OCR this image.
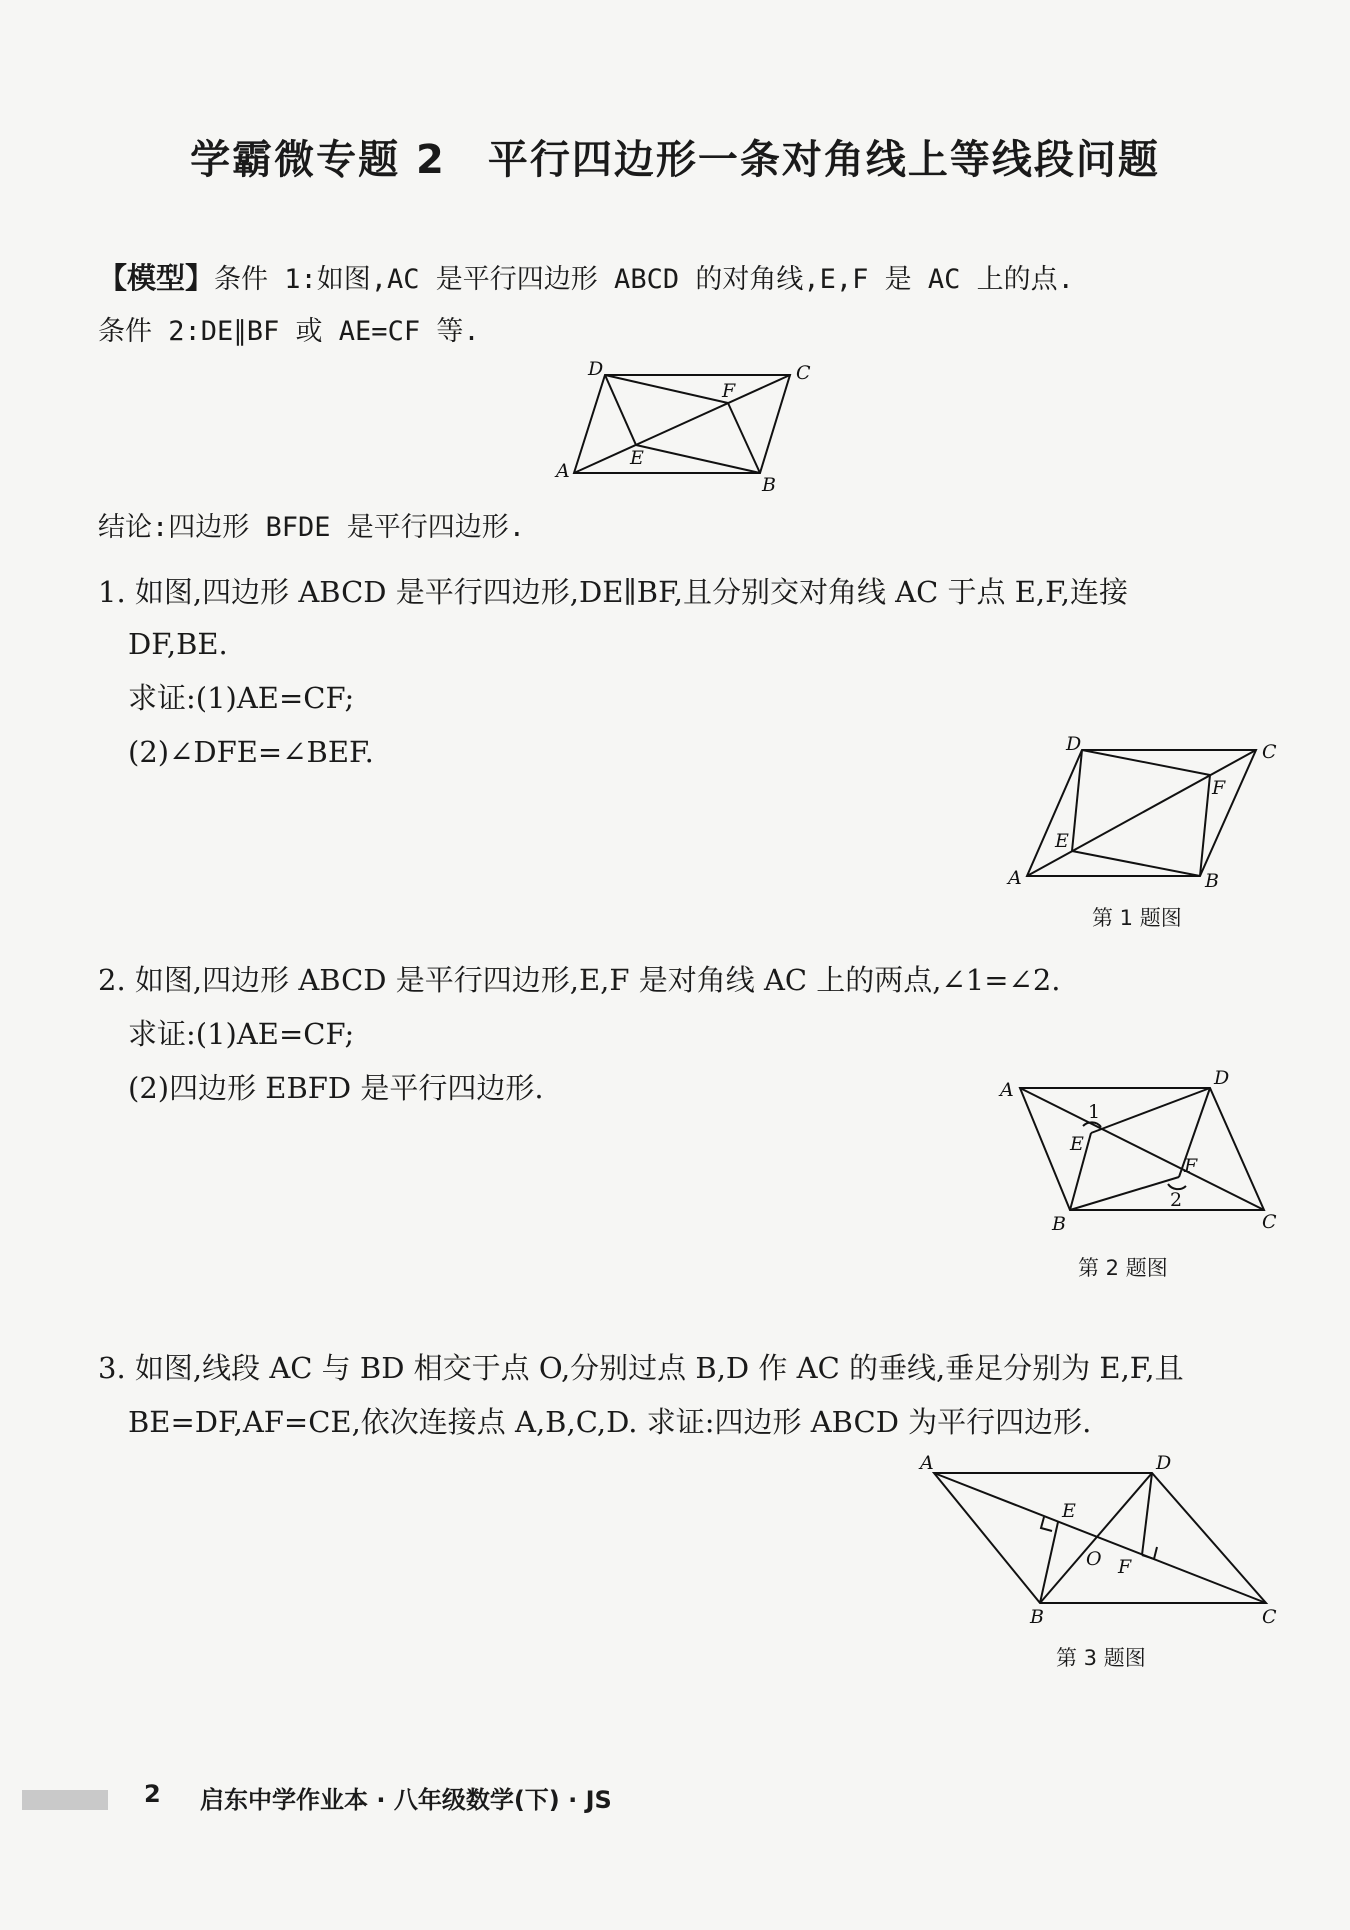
学霸微专题 2　平行四边形一条对角线上等线段问题
【模型】条件 1:如图,AC 是平行四边形 ABCD 的对角线,E,F 是 AC 上的点.
条件 2:DE∥BF 或 AE=CF 等.
D	C
F
E
A
B
结论:四边形 BFDE 是平行四边形.
1. 如图,四边形 ABCD 是平行四边形,DE∥BF,且分别交对角线 AC 于点 E,F,连接
DF,BE.
求证:(1)AE=CF;
(2)∠DFE=∠BEF.	D	C
F
E
A	B
第 1 题图
2. 如图,四边形 ABCD 是平行四边形,E,F 是对角线 AC 上的两点,∠1=∠2.
求证:(1)AE=CF;
(2)四边形 EBFD 是平行四边形.	A
D
1
E
F
2
B	C
第 2 题图
3. 如图,线段 AC 与 BD 相交于点 O,分别过点 B,D 作 AC 的垂线,垂足分别为 E,F,且
BE=DF,AF=CE,依次连接点 A,B,C,D. 求证:四边形 ABCD 为平行四边形.
A	D
E
O F
B	C
第 3 题图
2 启东中学作业本 · 八年级数学(下) · JS
